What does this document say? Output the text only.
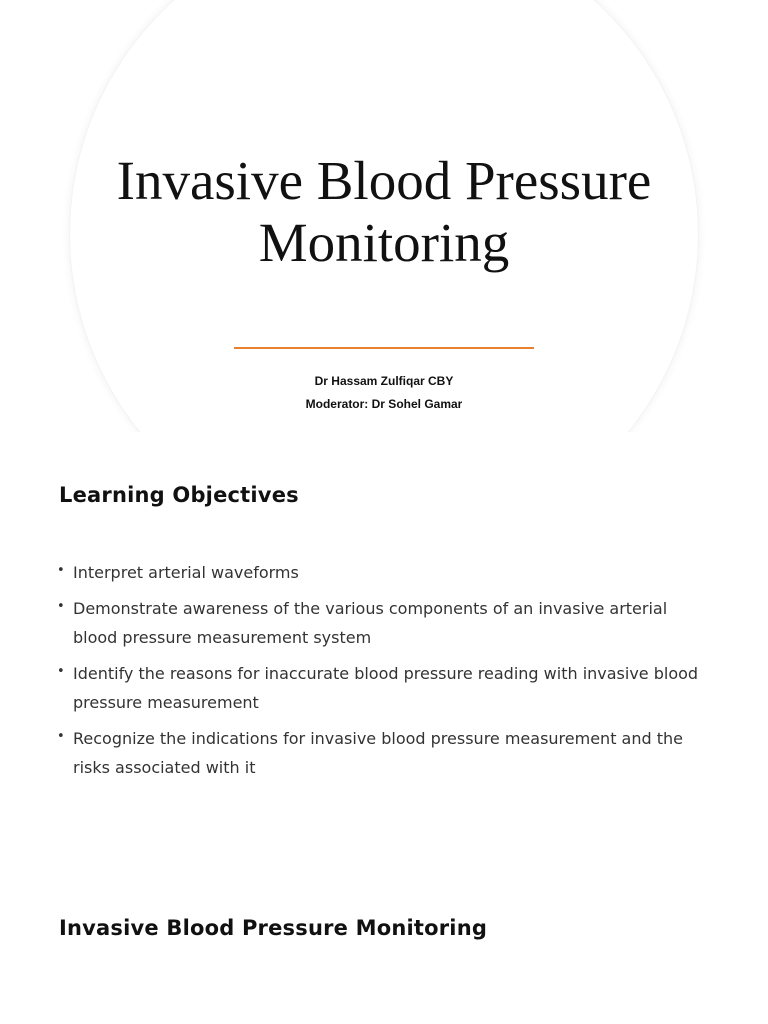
Invasive Blood Pressure
Monitoring
Dr Hassam Zulfiqar CBY
Moderator: Dr Sohel Gamar
Learning Objectives
• Interpret arterial waveforms
• Demonstrate awareness of the various components of an invasive arterial blood pressure measurement system
• Identify the reasons for inaccurate blood pressure reading with invasive blood pressure measurement
• Recognize the indications for invasive blood pressure measurement and the risks associated with it
Invasive Blood Pressure Monitoring
